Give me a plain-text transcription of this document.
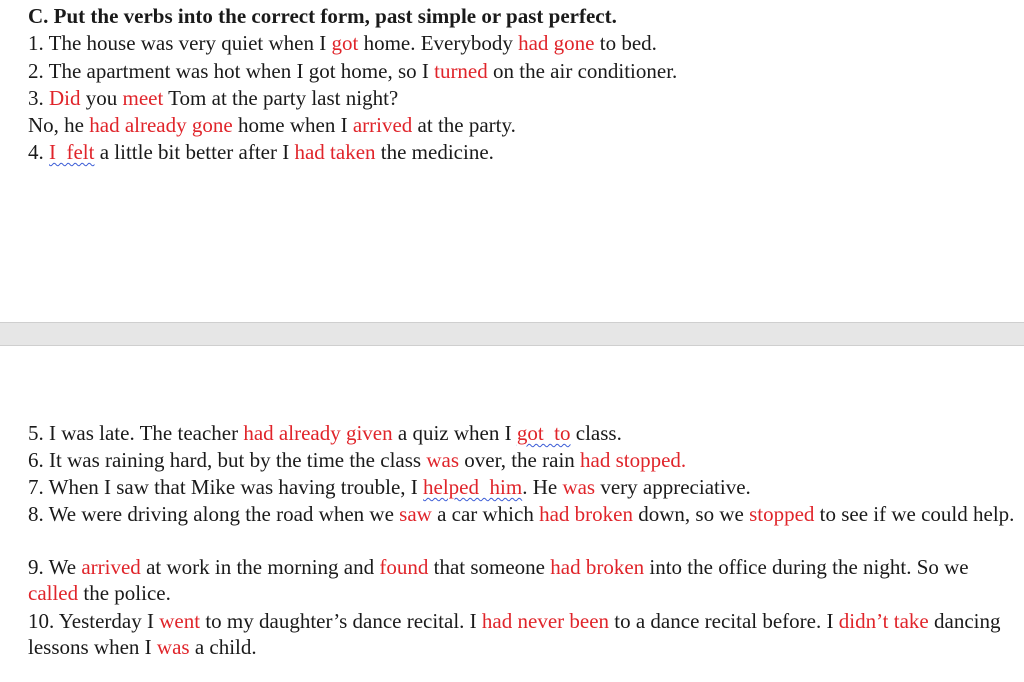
C. Put the verbs into the correct form, past simple or past perfect.
1. The house was very quiet when I got home. Everybody had gone to bed.
2. The apartment was hot when I got home, so I turned on the air conditioner.
3. Did you meet Tom at the party last night?
No, he had already gone home when I arrived at the party.
4. I  felt a little bit better after I had taken the medicine.
5. I was late. The teacher had already given a quiz when I got  to class.
6. It was raining hard, but by the time the class was over, the rain had stopped.
7. When I saw that Mike was having trouble, I helped  him. He was very appreciative.
8. We were driving along the road when we saw a car which had broken down, so we stopped to see if we could help.
9. We arrived at work in the morning and found that someone had broken into the office during the night. So we called the police.
10. Yesterday I went to my daughter’s dance recital. I had never been to a dance recital before. I didn’t take dancing lessons when I was a child.
